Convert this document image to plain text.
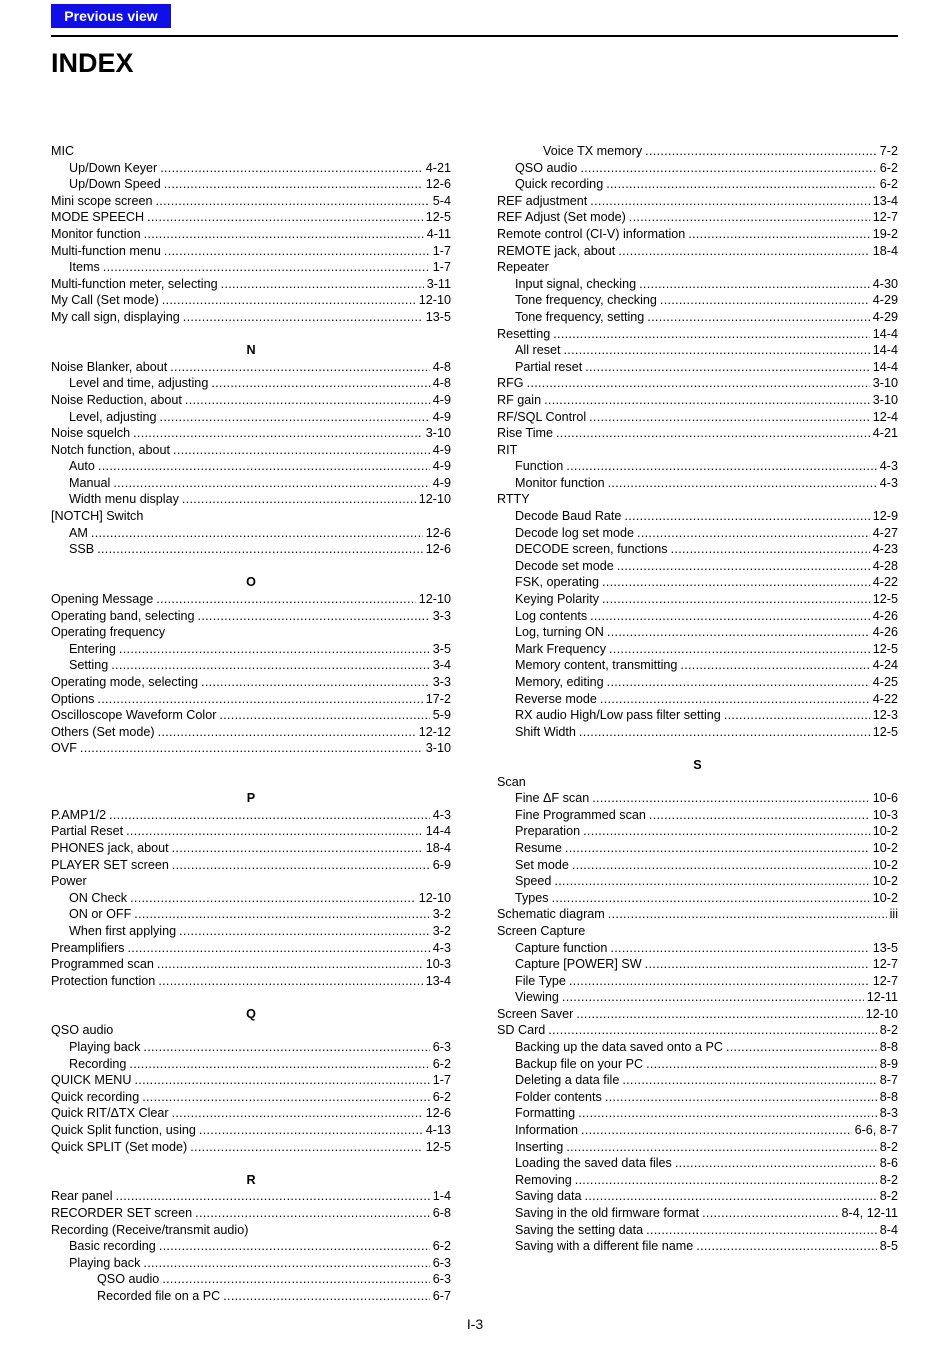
Previous view
INDEX
MIC
Up/Down Keyer .....	4-21
Up/Down Speed .....	12-6
Mini scope screen .....	5-4
MODE SPEECH .....	12-5
Monitor function .....	4-11
Multi-function menu .....	1-7
Items .....	1-7
Multi-function meter, selecting .....	3-11
My Call (Set mode) .....	12-10
My call sign, displaying .....	13-5
N
Noise Blanker, about .....	4-8
Level and time, adjusting .....	4-8
Noise Reduction, about .....	4-9
Level, adjusting .....	4-9
Noise squelch .....	3-10
Notch function, about .....	4-9
Auto .....	4-9
Manual .....	4-9
Width menu display .....	12-10
[NOTCH] Switch
AM .....	12-6
SSB .....	12-6
O
Opening Message .....	12-10
Operating band, selecting .....	3-3
Operating frequency
Entering .....	3-5
Setting .....	3-4
Operating mode, selecting .....	3-3
Options .....	17-2
Oscilloscope Waveform Color .....	5-9
Others (Set mode) .....	12-12
OVF .....	3-10
P
P.AMP1/2 .....	4-3
Partial Reset .....	14-4
PHONES jack, about .....	18-4
PLAYER SET screen .....	6-9
Power
ON Check .....	12-10
ON or OFF .....	3-2
When first applying .....	3-2
Preamplifiers .....	4-3
Programmed scan .....	10-3
Protection function .....	13-4
Q
QSO audio
Playing back .....	6-3
Recording .....	6-2
QUICK MENU .....	1-7
Quick recording .....	6-2
Quick RIT/ΔTX Clear .....	12-6
Quick Split function, using .....	4-13
Quick SPLIT (Set mode) .....	12-5
R
Rear panel .....	1-4
RECORDER SET screen .....	6-8
Recording (Receive/transmit audio)
Basic recording .....	6-2
Playing back .....	6-3
QSO audio .....	6-3
Recorded file on a PC .....	6-7
Voice TX memory .....	7-2
QSO audio .....	6-2
Quick recording .....	6-2
REF adjustment .....	13-4
REF Adjust (Set mode) .....	12-7
Remote control (CI-V) information .....	19-2
REMOTE jack, about .....	18-4
Repeater
Input signal, checking .....	4-30
Tone frequency, checking .....	4-29
Tone frequency, setting .....	4-29
Resetting .....	14-4
All reset .....	14-4
Partial reset .....	14-4
RFG .....	3-10
RF gain .....	3-10
RF/SQL Control .....	12-4
Rise Time .....	4-21
RIT
Function .....	4-3
Monitor function .....	4-3
RTTY
Decode Baud Rate .....	12-9
Decode log set mode .....	4-27
DECODE screen, functions .....	4-23
Decode set mode .....	4-28
FSK, operating .....	4-22
Keying Polarity .....	12-5
Log contents .....	4-26
Log, turning ON .....	4-26
Mark Frequency .....	12-5
Memory content, transmitting .....	4-24
Memory, editing .....	4-25
Reverse mode .....	4-22
RX audio High/Low pass filter setting .....	12-3
Shift Width .....	12-5
S
Scan
Fine ΔF scan .....	10-6
Fine Programmed scan .....	10-3
Preparation .....	10-2
Resume .....	10-2
Set mode .....	10-2
Speed .....	10-2
Types .....	10-2
Schematic diagram .....	iii
Screen Capture
Capture function .....	13-5
Capture [POWER] SW .....	12-7
File Type .....	12-7
Viewing .....	12-11
Screen Saver .....	12-10
SD Card .....	8-2
Backing up the data saved onto a PC .....	8-8
Backup file on your PC .....	8-9
Deleting a data file .....	8-7
Folder contents .....	8-8
Formatting .....	8-3
Information .....	6-6, 8-7
Inserting .....	8-2
Loading the saved data files .....	8-6
Removing .....	8-2
Saving data .....	8-2
Saving in the old firmware format .....	8-4, 12-11
Saving the setting data .....	8-4
Saving with a different file name .....	8-5
I-3
